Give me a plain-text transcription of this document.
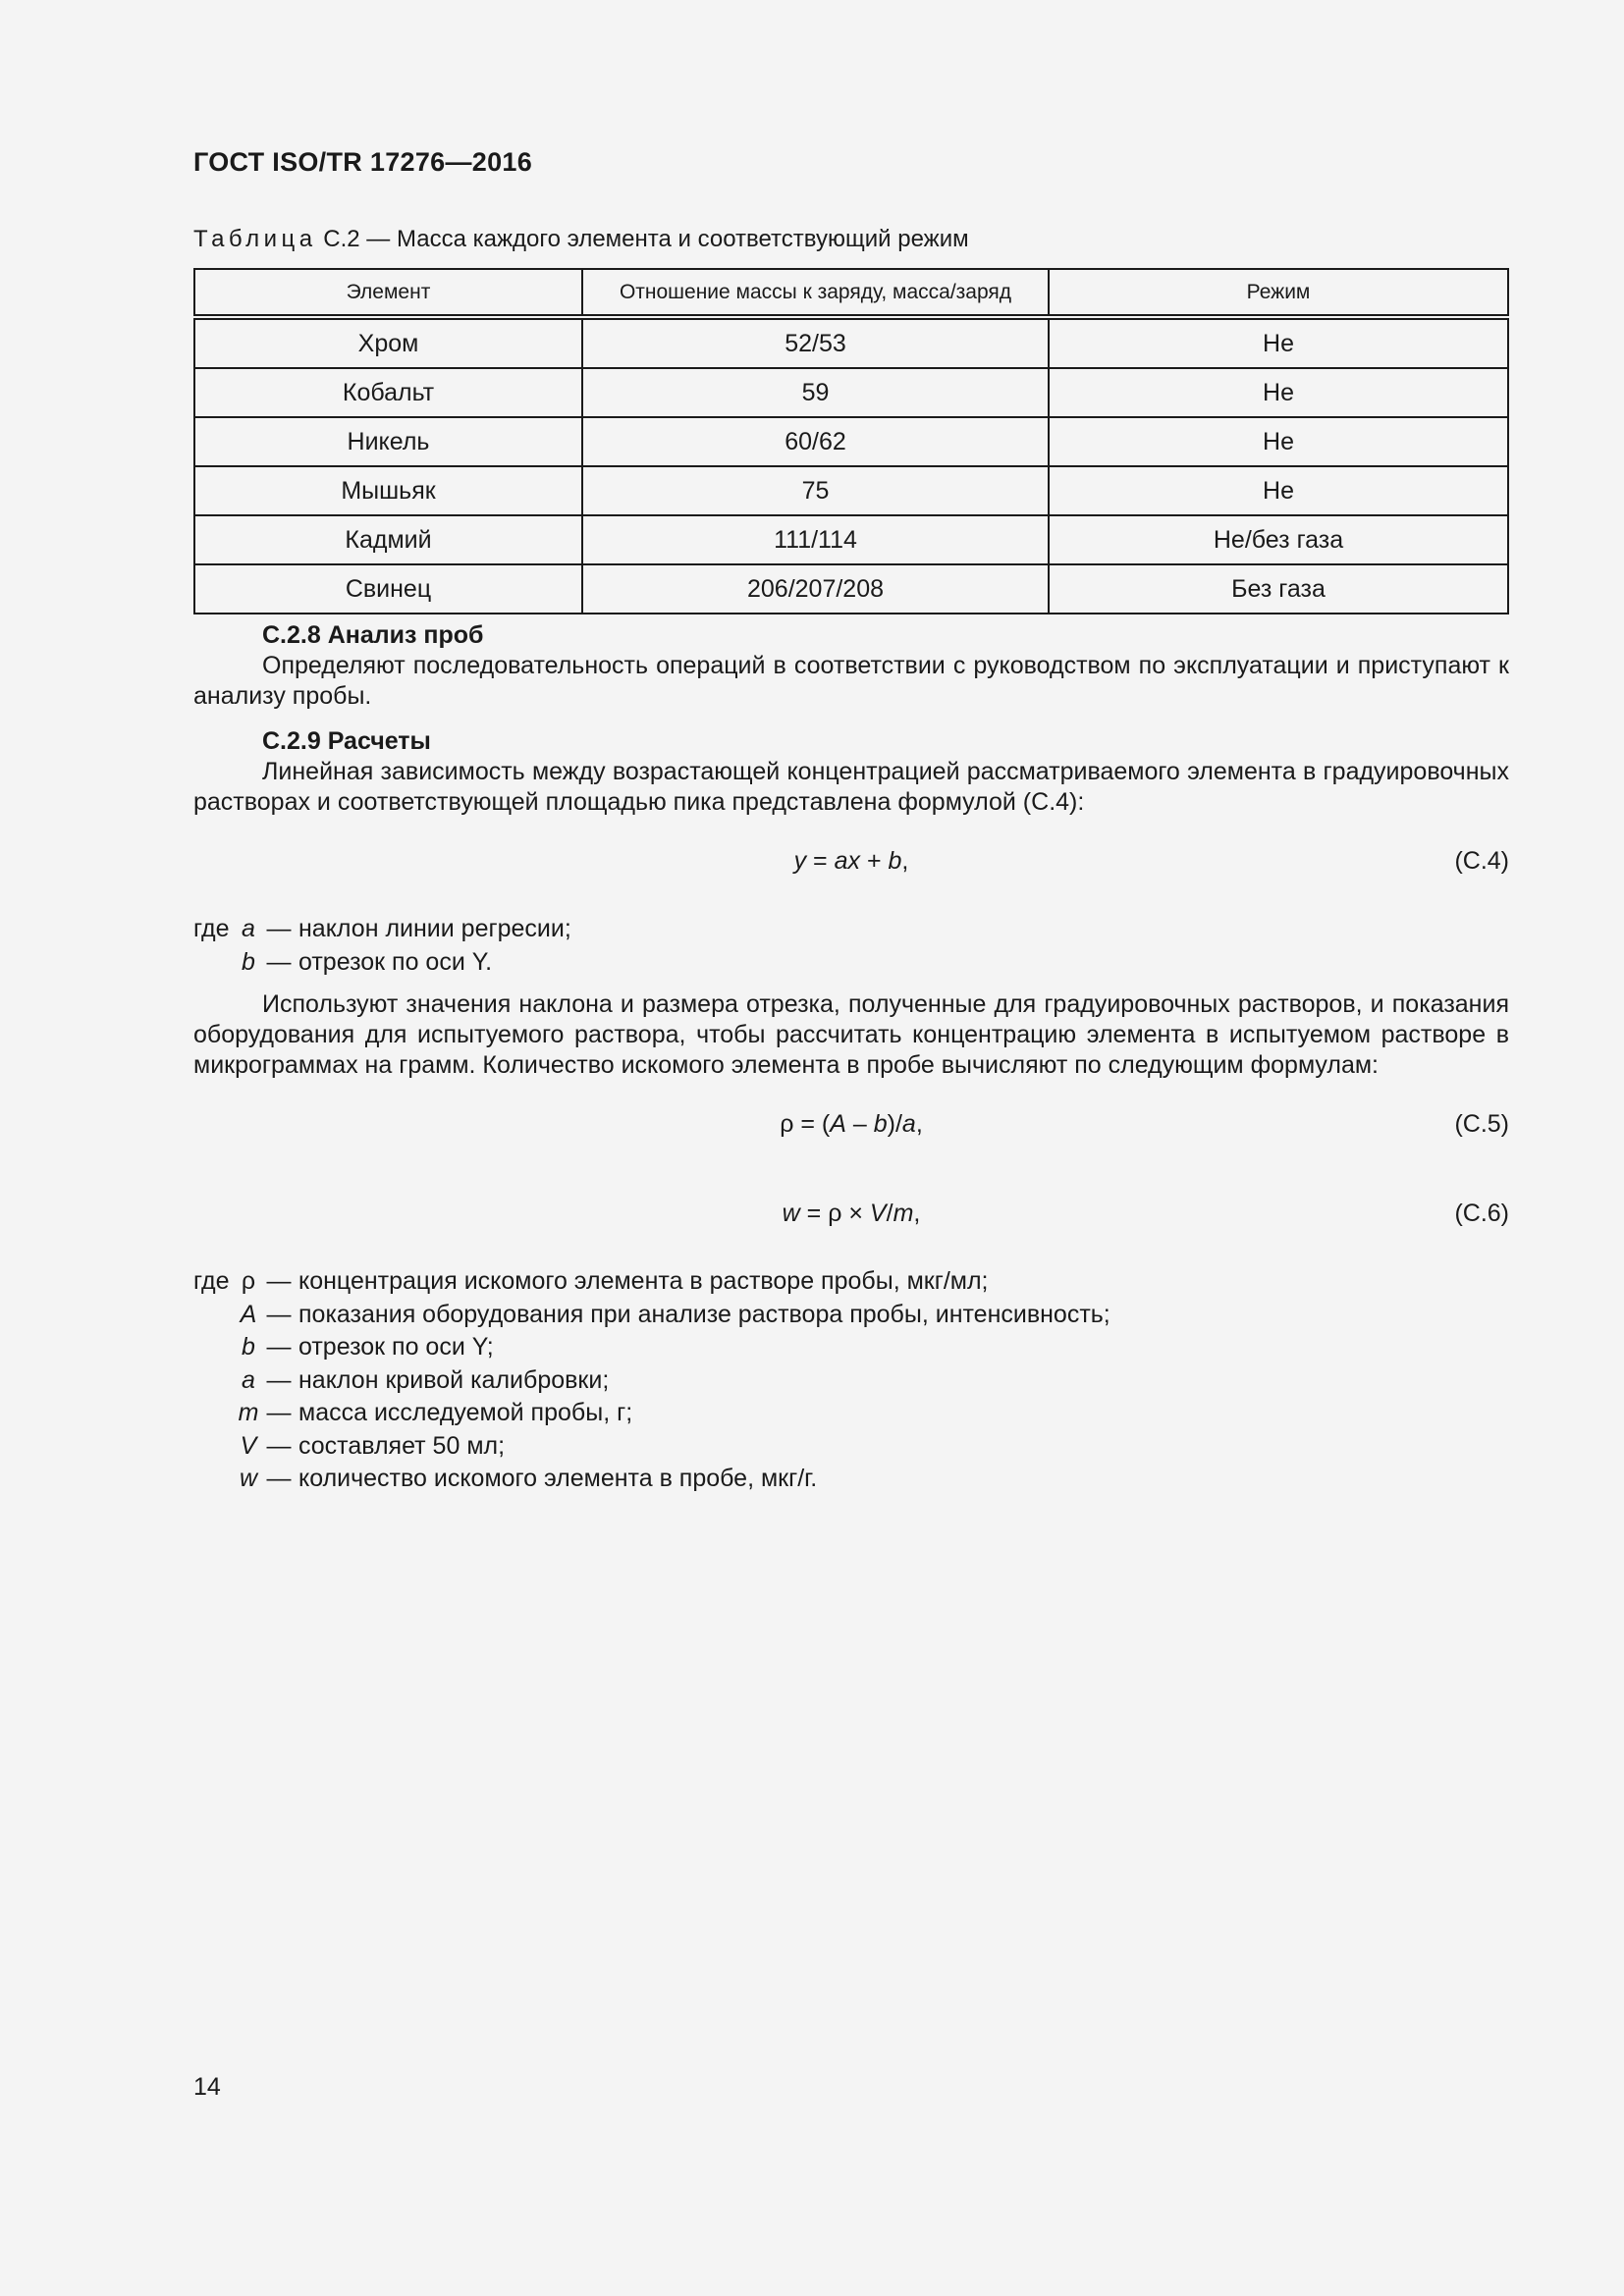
ГОСТ ISO/TR 17276—2016
Таблица С.2 — Масса каждого элемента и соответствующий режим
Элемент	Отношение массы к заряду, масса/заряд	Режим
Хром	52/53	Не
Кобальт	59	Не
Никель	60/62	Не
Мышьяк	75	Не
Кадмий	111/114	Не/без газа
Свинец	206/207/208	Без газа
С.2.8 Анализ проб
Определяют последовательность операций в соответствии с руководством по эксплуатации и приступают к анализу пробы.
С.2.9 Расчеты
Линейная зависимость между возрастающей концентрацией рассматриваемого элемента в градуировочных растворах и соответствующей площадью пика представлена формулой (С.4):
y = ax + b,	(С.4)
где a — наклон линии регресии;
b — отрезок по оси Y.
Используют значения наклона и размера отрезка, полученные для градуировочных растворов, и показания оборудования для испытуемого раствора, чтобы рассчитать концентрацию элемента в испытуемом растворе в микрограммах на грамм. Количество искомого элемента в пробе вычисляют по следующим формулам:
ρ = (A – b)/a,	(С.5)
w = ρ × V/m,	(С.6)
где ρ — концентрация искомого элемента в растворе пробы, мкг/мл;
A — показания оборудования при анализе раствора пробы, интенсивность;
b — отрезок по оси Y;
a — наклон кривой калибровки;
m — масса исследуемой пробы, г;
V — составляет 50 мл;
w — количество искомого элемента в пробе, мкг/г.
14
